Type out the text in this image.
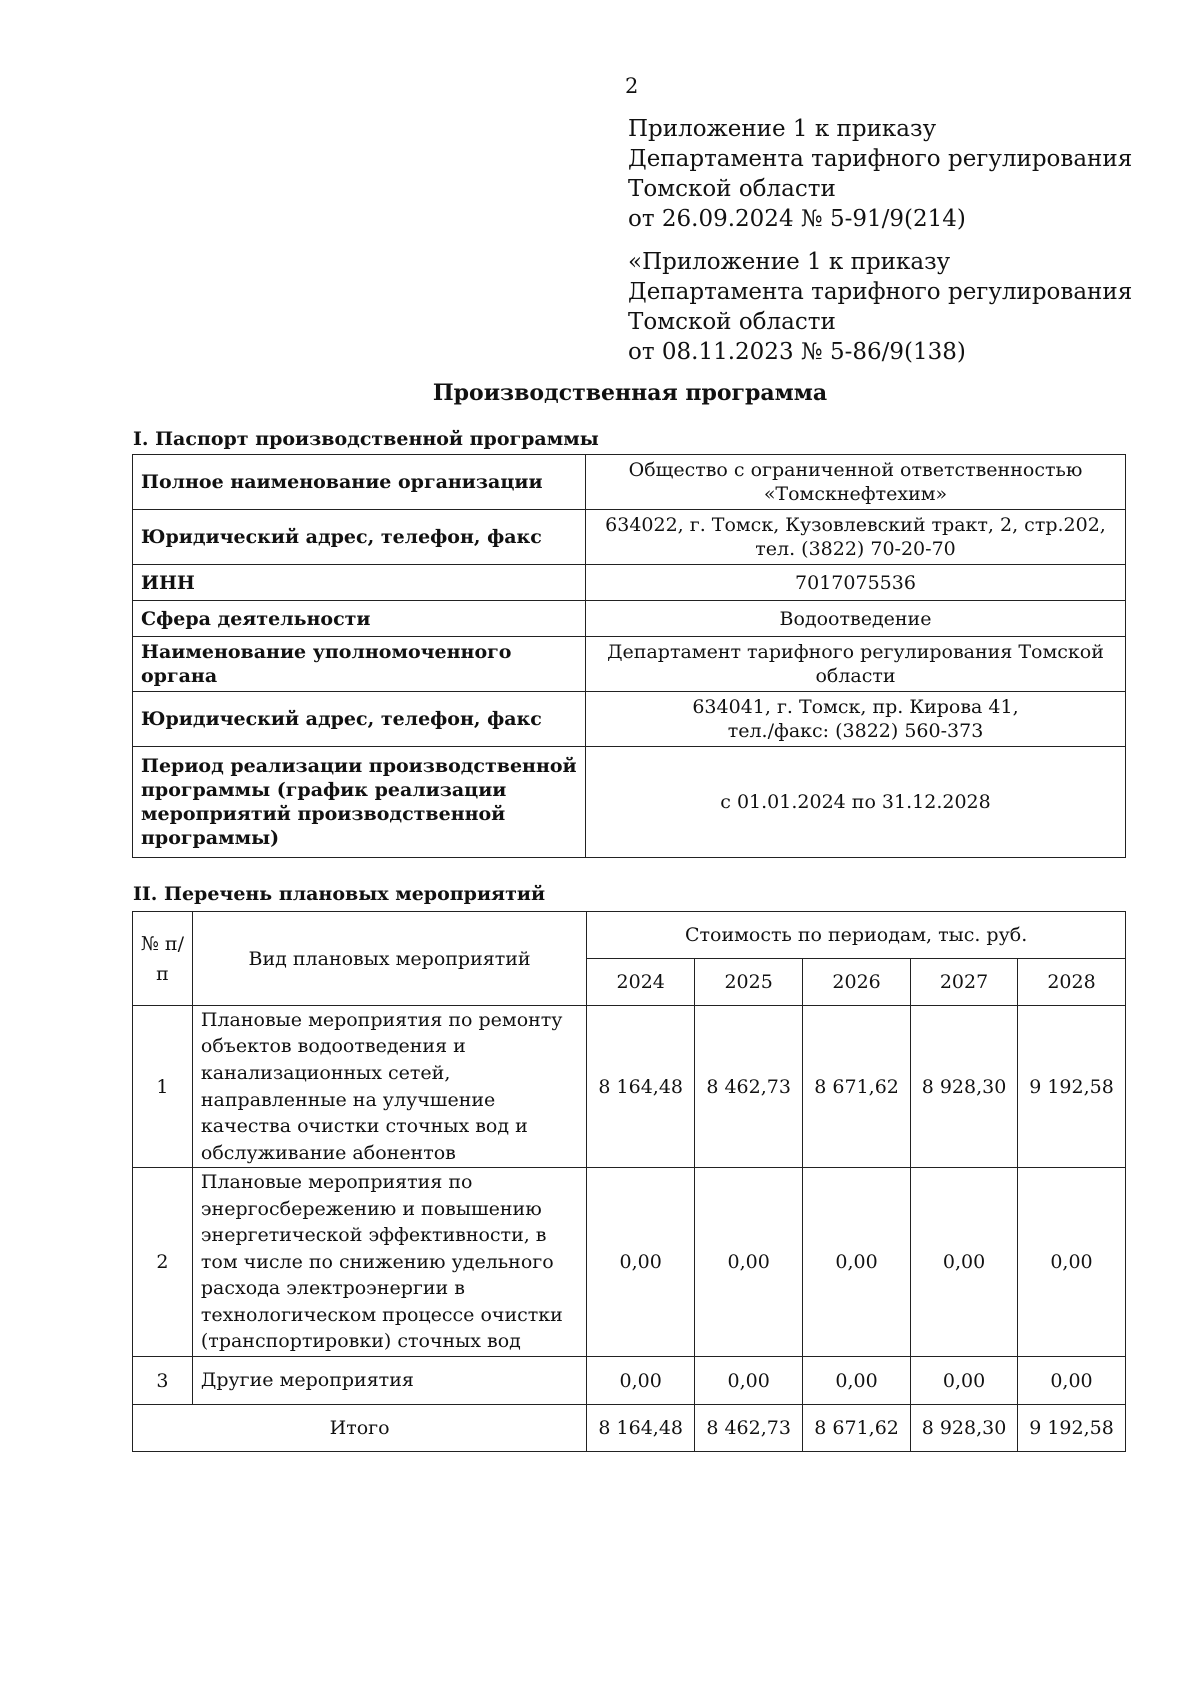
2
Приложение 1 к приказу
Департамента тарифного регулирования
Томской области
от 26.09.2024 № 5-91/9(214)
«Приложение 1 к приказу
Департамента тарифного регулирования
Томской области
от 08.11.2023 № 5-86/9(138)
Производственная программа
I. Паспорт производственной программы
Полное наименование организации	Общество с ограниченной ответственностью
«Томскнефтехим»

Юридический адрес, телефон, факс	634022, г. Томск, Кузовлевский тракт, 2, стр.202,
тел. (3822) 70-20-70

ИНН	7017075536

Сфера деятельности	Водоотведение

Наименование уполномоченного органа	Департамент тарифного регулирования Томской
области

Юридический адрес, телефон, факс	634041, г. Томск, пр. Кирова 41,
тел./факс: (3822) 560-373

Период реализации производственной программы (график реализации мероприятий производственной программы)	с 01.01.2024 по 31.12.2028
II. Перечень плановых мероприятий
№ п/п	Вид плановых мероприятий	Стоимость по периодам, тыс. руб.				
		2024	2025	2026	2027	2028
1	Плановые мероприятия по ремонту объектов водоотведения и канализационных сетей, направленные на улучшение качества очистки сточных вод и обслуживание абонентов	8 164,48	8 462,73	8 671,62	8 928,30	9 192,58
2	Плановые мероприятия по энергосбережению и повышению энергетической эффективности, в том числе по снижению удельного расхода электроэнергии в технологическом процессе очистки (транспортировки) сточных вод	0,00	0,00	0,00	0,00	0,00
3	Другие мероприятия	0,00	0,00	0,00	0,00	0,00
Итого		8 164,48	8 462,73	8 671,62	8 928,30	9 192,58
